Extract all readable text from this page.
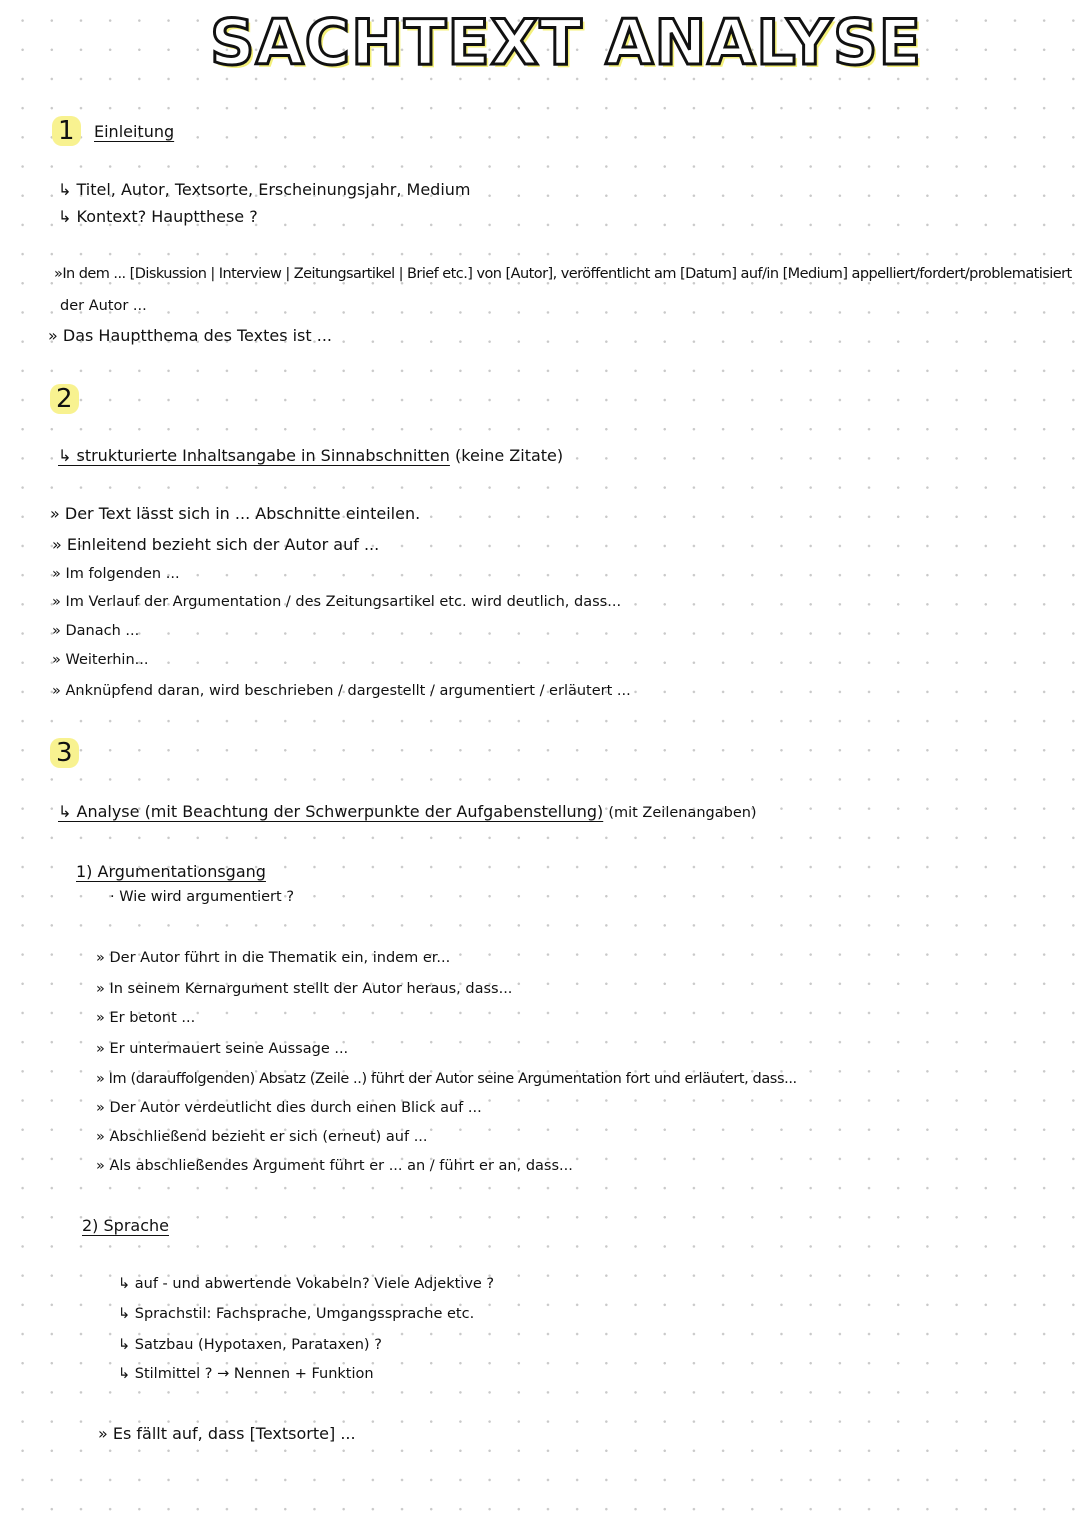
SACHTEXT ANALYSE
1	Einleitung
↳ Titel, Autor, Textsorte, Erscheinungsjahr, Medium
↳ Kontext? Hauptthese ?
»In dem ... [Diskussion | Interview | Zeitungsartikel | Brief etc.] von [Autor], veröffentlicht am [Datum] auf/in [Medium] appelliert/fordert/problematisiert
der Autor ...
» Das Hauptthema des Textes ist ...
2
↳ strukturierte Inhaltsangabe in Sinnabschnitten (keine Zitate)
» Der Text lässt sich in ... Abschnitte einteilen.
» Einleitend bezieht sich der Autor auf ...
» Im folgenden ...
» Im Verlauf der Argumentation / des Zeitungsartikel etc. wird deutlich, dass...
» Danach ...
» Weiterhin...
» Anknüpfend daran, wird beschrieben / dargestellt / argumentiert / erläutert ...
3
↳ Analyse (mit Beachtung der Schwerpunkte der Aufgabenstellung) (mit Zeilenangaben)
1) Argumentationsgang
· Wie wird argumentiert ?
» Der Autor führt in die Thematik ein, indem er...
» In seinem Kernargument stellt der Autor heraus, dass...
» Er betont ...
» Er untermauert seine Aussage ...
» Im (darauffolgenden) Absatz (Zeile ..) führt der Autor seine Argumentation fort und erläutert, dass...
» Der Autor verdeutlicht dies durch einen Blick auf ...
» Abschließend bezieht er sich (erneut) auf ...
» Als abschließendes Argument führt er ... an / führt er an, dass...
2) Sprache
↳ auf - und abwertende Vokabeln? Viele Adjektive ?
↳ Sprachstil: Fachsprache, Umgangssprache etc.
↳ Satzbau (Hypotaxen, Parataxen) ?
↳ Stilmittel ? → Nennen + Funktion
» Es fällt auf, dass [Textsorte] ...
